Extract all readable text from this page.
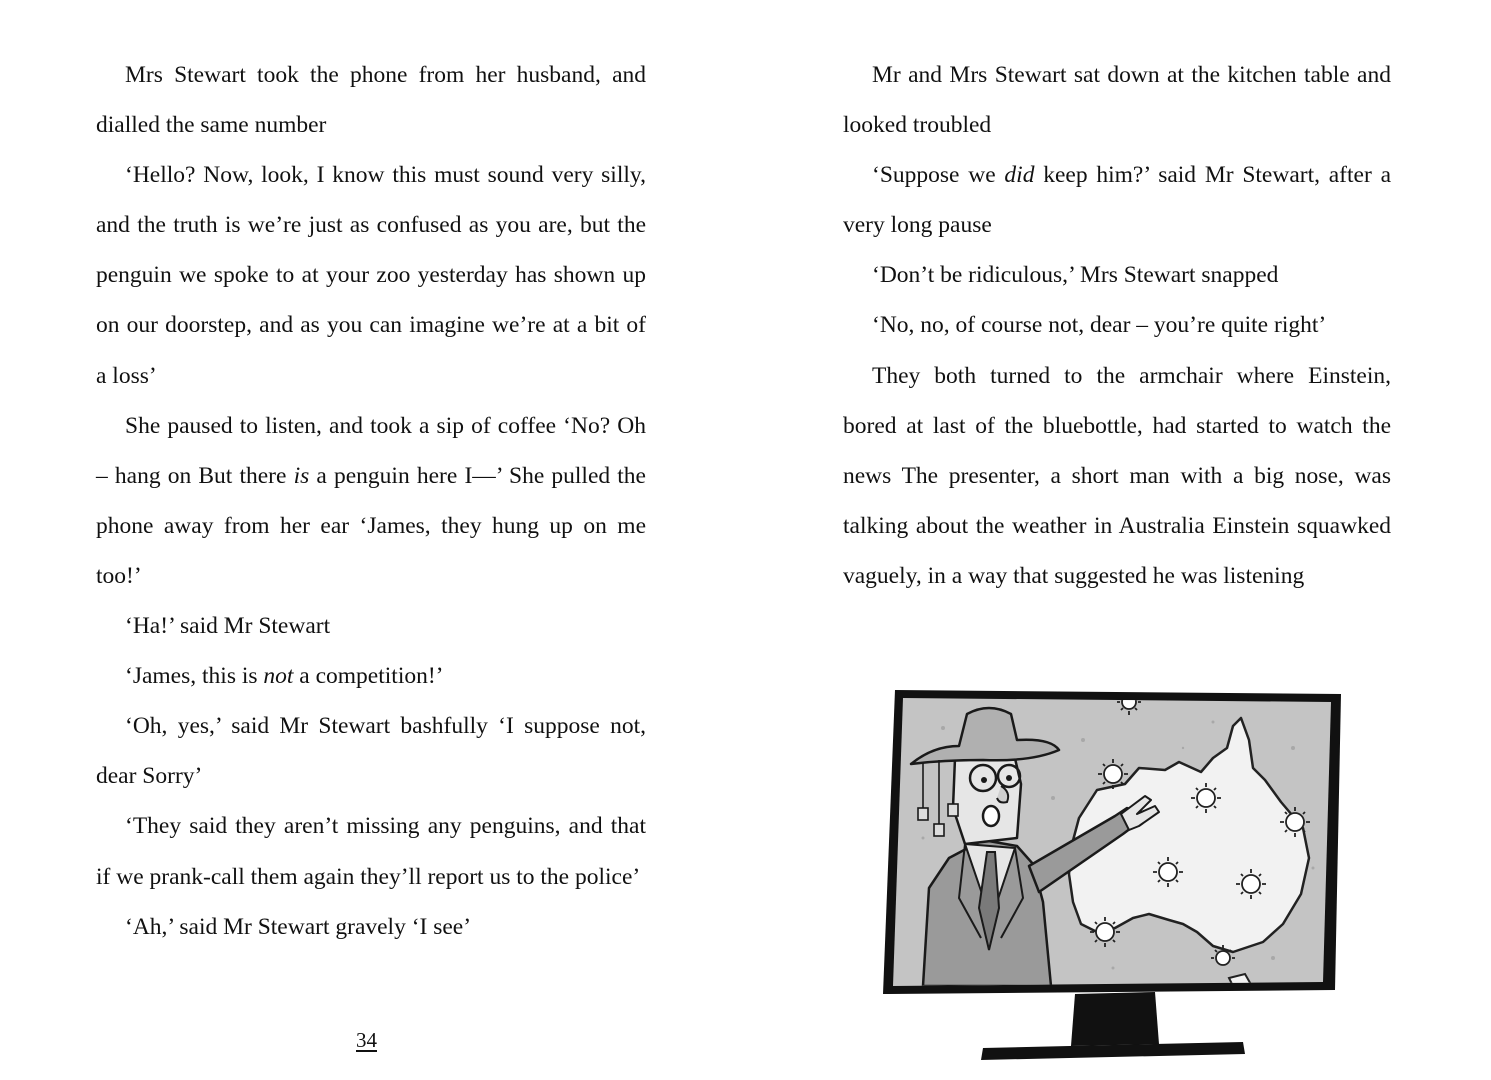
Mrs Stewart took the phone from her husband, and dialled the same number

‘Hello? Now, look, I know this must sound very silly, and the truth is we’re just as confused as you are, but the penguin we spoke to at your zoo yesterday has shown up on our doorstep, and as you can imagine we’re at a bit of a loss’

She paused to listen, and took a sip of coffee ‘No? Oh – hang on But there is a penguin here I—’ She pulled the phone away from her ear ‘James, they hung up on me too!’

‘Ha!’ said Mr Stewart

‘James, this is not a competition!’

‘Oh, yes,’ said Mr Stewart bashfully ‘I suppose not, dear Sorry’

‘They said they aren’t missing any penguins, and that if we prank-call them again they’ll report us to the police’

‘Ah,’ said Mr Stewart gravely ‘I see’

34

Mr and Mrs Stewart sat down at the kitchen table and looked troubled

‘Suppose we did keep him?’ said Mr Stewart, after a very long pause

‘Don’t be ridiculous,’ Mrs Stewart snapped

‘No, no, of course not, dear – you’re quite right’

They both turned to the armchair where Einstein, bored at last of the bluebottle, had started to watch the news The presenter, a short man with a big nose, was talking about the weather in Australia Einstein squawked vaguely, in a way that suggested he was listening
